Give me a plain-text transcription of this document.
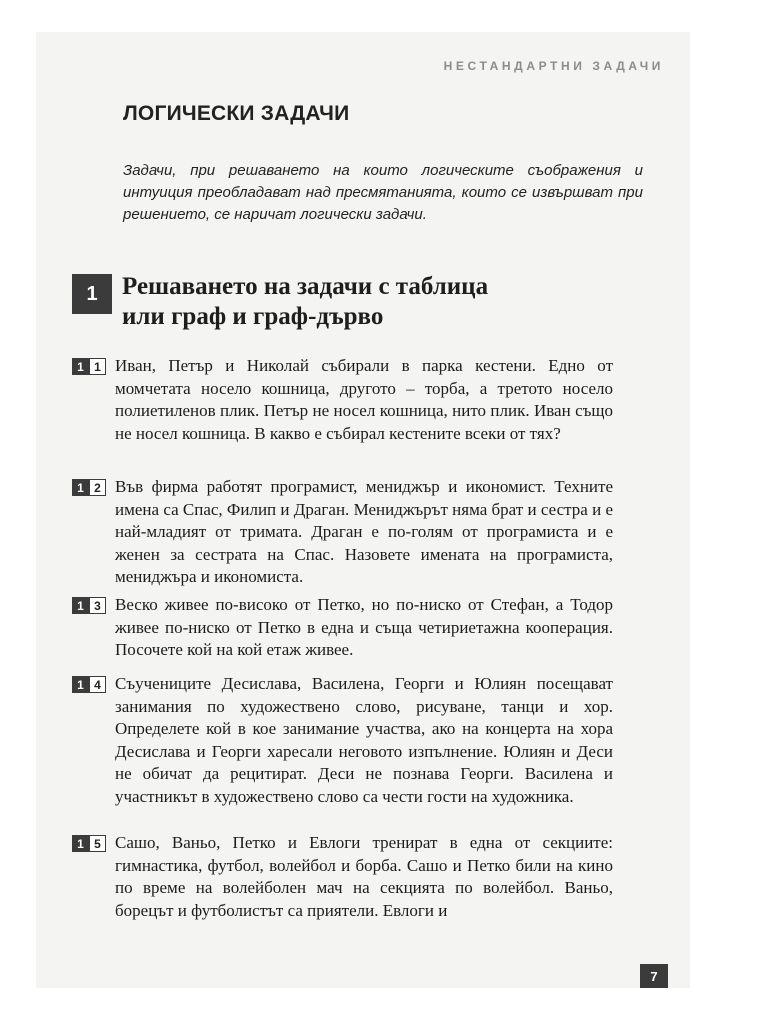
НЕСТАНДАРТНИ ЗАДАЧИ
ЛОГИЧЕСКИ ЗАДАЧИ
Задачи, при решаването на които логическите съображения и интуиция преобладават над пресмятанията, които се извършват при решението, се наричат логически задачи.
1 Решаването на задачи с таблица
или граф и граф-дърво
1 1 Иван, Петър и Николай събирали в парка кестени. Едно от момчетата носело кошница, другото – торба, а третото носело полиетиленов плик. Петър не носел кошница, нито плик. Иван също не носел кошница. В какво е събирал кестените всеки от тях?
1 2 Във фирма работят програмист, мениджър и икономист. Техните имена са Спас, Филип и Драган. Мениджърът няма брат и сестра и е най-младият от тримата. Драган е по-голям от програмиста и е женен за сестрата на Спас. Назовете имената на програмиста, мениджъра и икономиста.
1 3 Веско живее по-високо от Петко, но по-ниско от Стефан, а Тодор живее по-ниско от Петко в една и съща четириетажна кооперация. Посочете кой на кой етаж живее.
1 4 Съучениците Десислава, Василена, Георги и Юлиян посещават занимания по художествено слово, рисуване, танци и хор. Определете кой в кое занимание участва, ако на концерта на хора Десислава и Георги харесали неговото изпълнение. Юлиян и Деси не обичат да рецитират. Деси не познава Георги. Василена и участникът в художествено слово са чести гости на художника.
1 5 Сашо, Ваньо, Петко и Евлоги тренират в една от секциите: гимнастика, футбол, волейбол и борба. Сашо и Петко били на кино по време на волейболен мач на секцията по волейбол. Ваньо, борецът и футболистът са приятели. Евлоги и
7
